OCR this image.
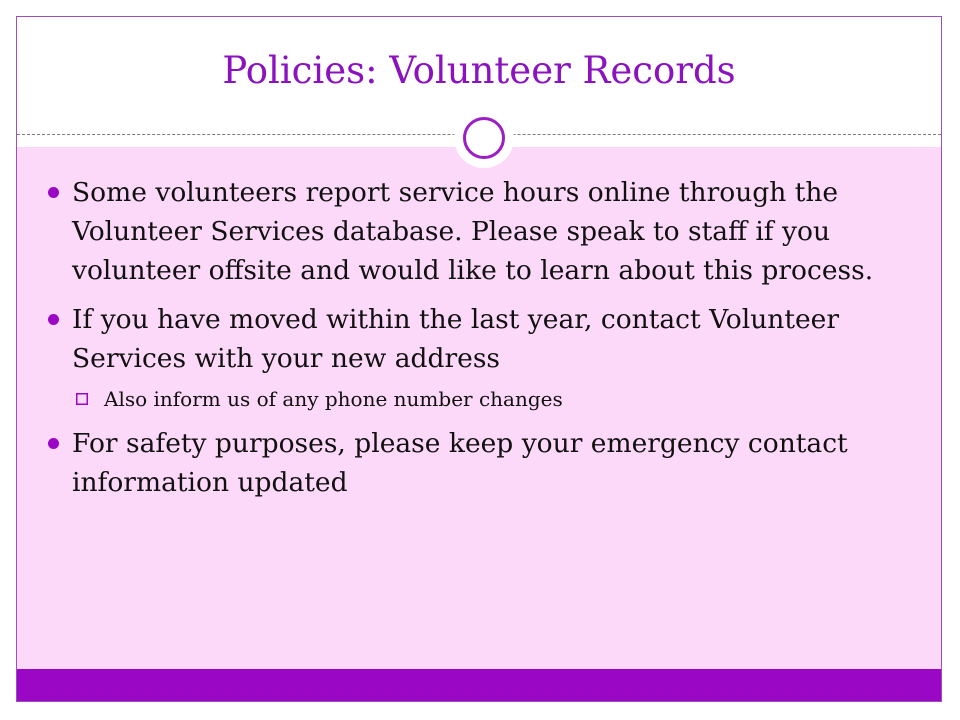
Policies: Volunteer Records
Some volunteers report service hours online through the Volunteer Services database. Please speak to staff if you volunteer offsite and would like to learn about this process.
If you have moved within the last year, contact Volunteer Services with your new address
Also inform us of any phone number changes
For safety purposes, please keep your emergency contact information updated
